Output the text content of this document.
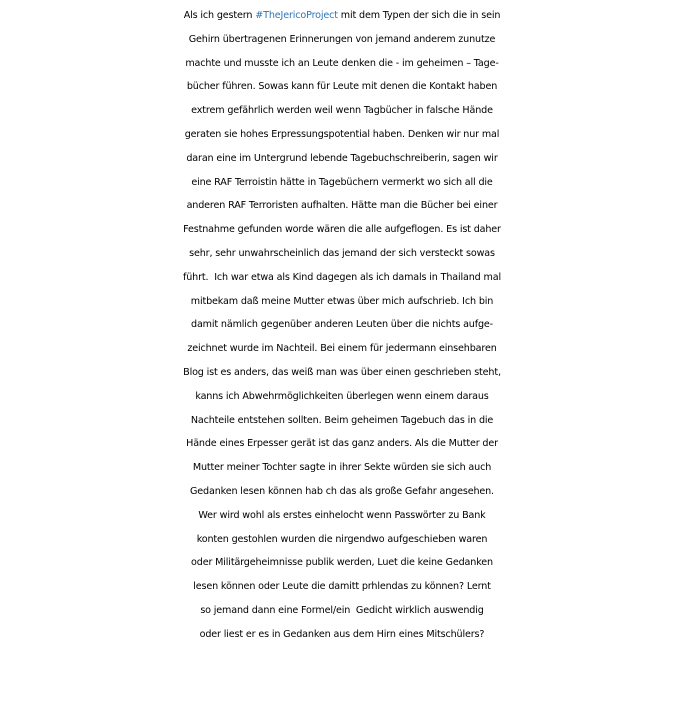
Als ich gestern #TheJericoProject mit dem Typen der sich die in sein
Gehirn übertragenen Erinnerungen von jemand anderem zunutze
machte und musste ich an Leute denken die - im geheimen – Tage-
bücher führen. Sowas kann für Leute mit denen die Kontakt haben
extrem gefährlich werden weil wenn Tagbücher in falsche Hände
geraten sie hohes Erpressungspotential haben. Denken wir nur mal
daran eine im Untergrund lebende Tagebuchschreiberin, sagen wir
eine RAF Terroistin hätte in Tagebüchern vermerkt wo sich all die
anderen RAF Terroristen aufhalten. Hätte man die Bücher bei einer
Festnahme gefunden worde wären die alle aufgeflogen. Es ist daher
sehr, sehr unwahrscheinlich das jemand der sich versteckt sowas
führt.  Ich war etwa als Kind dagegen als ich damals in Thailand mal
mitbekam daß meine Mutter etwas über mich aufschrieb. Ich bin
damit nämlich gegenüber anderen Leuten über die nichts aufge-
zeichnet wurde im Nachteil. Bei einem für jedermann einsehbaren
Blog ist es anders, das weiß man was über einen geschrieben steht,
kanns ich Abwehrmöglichkeiten überlegen wenn einem daraus
Nachteile entstehen sollten. Beim geheimen Tagebuch das in die
Hände eines Erpesser gerät ist das ganz anders. Als die Mutter der
Mutter meiner Tochter sagte in ihrer Sekte würden sie sich auch
Gedanken lesen können hab ch das als große Gefahr angesehen.
Wer wird wohl als erstes einhelocht wenn Passwörter zu Bank
konten gestohlen wurden die nirgendwo aufgeschieben waren
oder Militärgeheimnisse publik werden, Luet die keine Gedanken
lesen können oder Leute die damitt prhlendas zu können? Lernt
so jemand dann eine Formel/ein  Gedicht wirklich auswendig
oder liest er es in Gedanken aus dem Hirn eines Mitschülers?
